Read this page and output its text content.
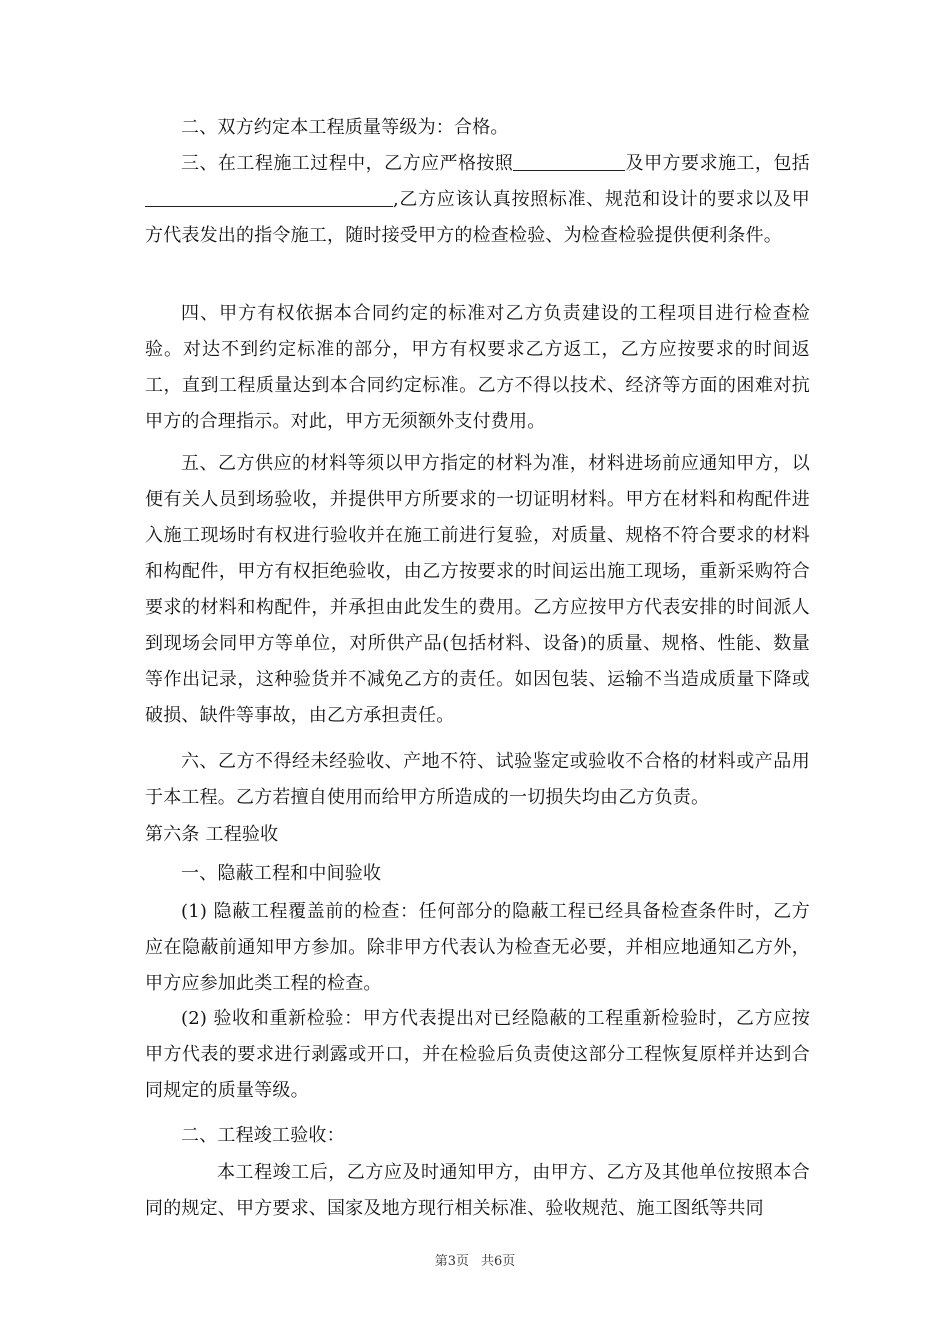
二、双方约定本工程质量等级为：合格。

三、在工程施工过程中，乙方应严格按照	及甲方要求施工，包括,乙方应该认真按照标准、规范和设计的要求以及甲方代表发出的指令施工，随时接受甲方的检查检验、为检查检验提供便利条件。

四、甲方有权依据本合同约定的标准对乙方负责建设的工程项目进行检查检验。对达不到约定标准的部分，甲方有权要求乙方返工，乙方应按要求的时间返工，直到工程质量达到本合同约定标准。乙方不得以技术、经济等方面的困难对抗甲方的合理指示。对此，甲方无须额外支付费用。

五、乙方供应的材料等须以甲方指定的材料为准，材料进场前应通知甲方，以便有关人员到场验收，并提供甲方所要求的一切证明材料。甲方在材料和构配件进入施工现场时有权进行验收并在施工前进行复验，对质量、规格不符合要求的材料和构配件，甲方有权拒绝验收，由乙方按要求的时间运出施工现场，重新采购符合要求的材料和构配件，并承担由此发生的费用。乙方应按甲方代表安排的时间派人到现场会同甲方等单位，对所供产品(包括材料、设备)的质量、规格、性能、数量等作出记录，这种验货并不减免乙方的责任。如因包装、运输不当造成质量下降或破损、缺件等事故，由乙方承担责任。

六、乙方不得经未经验收、产地不符、试验鉴定或验收不合格的材料或产品用于本工程。乙方若擅自使用而给甲方所造成的一切损失均由乙方负责。

第六条 工程验收

一、隐蔽工程和中间验收

(1) 隐蔽工程覆盖前的检查：任何部分的隐蔽工程已经具备检查条件时，乙方应在隐蔽前通知甲方参加。除非甲方代表认为检查无必要，并相应地通知乙方外，甲方应参加此类工程的检查。

(2) 验收和重新检验：甲方代表提出对已经隐蔽的工程重新检验时，乙方应按甲方代表的要求进行剥露或开口，并在检验后负责使这部分工程恢复原样并达到合同规定的质量等级。

二、工程竣工验收：

本工程竣工后，乙方应及时通知甲方，由甲方、乙方及其他单位按照本合同的规定、甲方要求、国家及地方现行相关标准、验收规范、施工图纸等共同

第3页 共6页
